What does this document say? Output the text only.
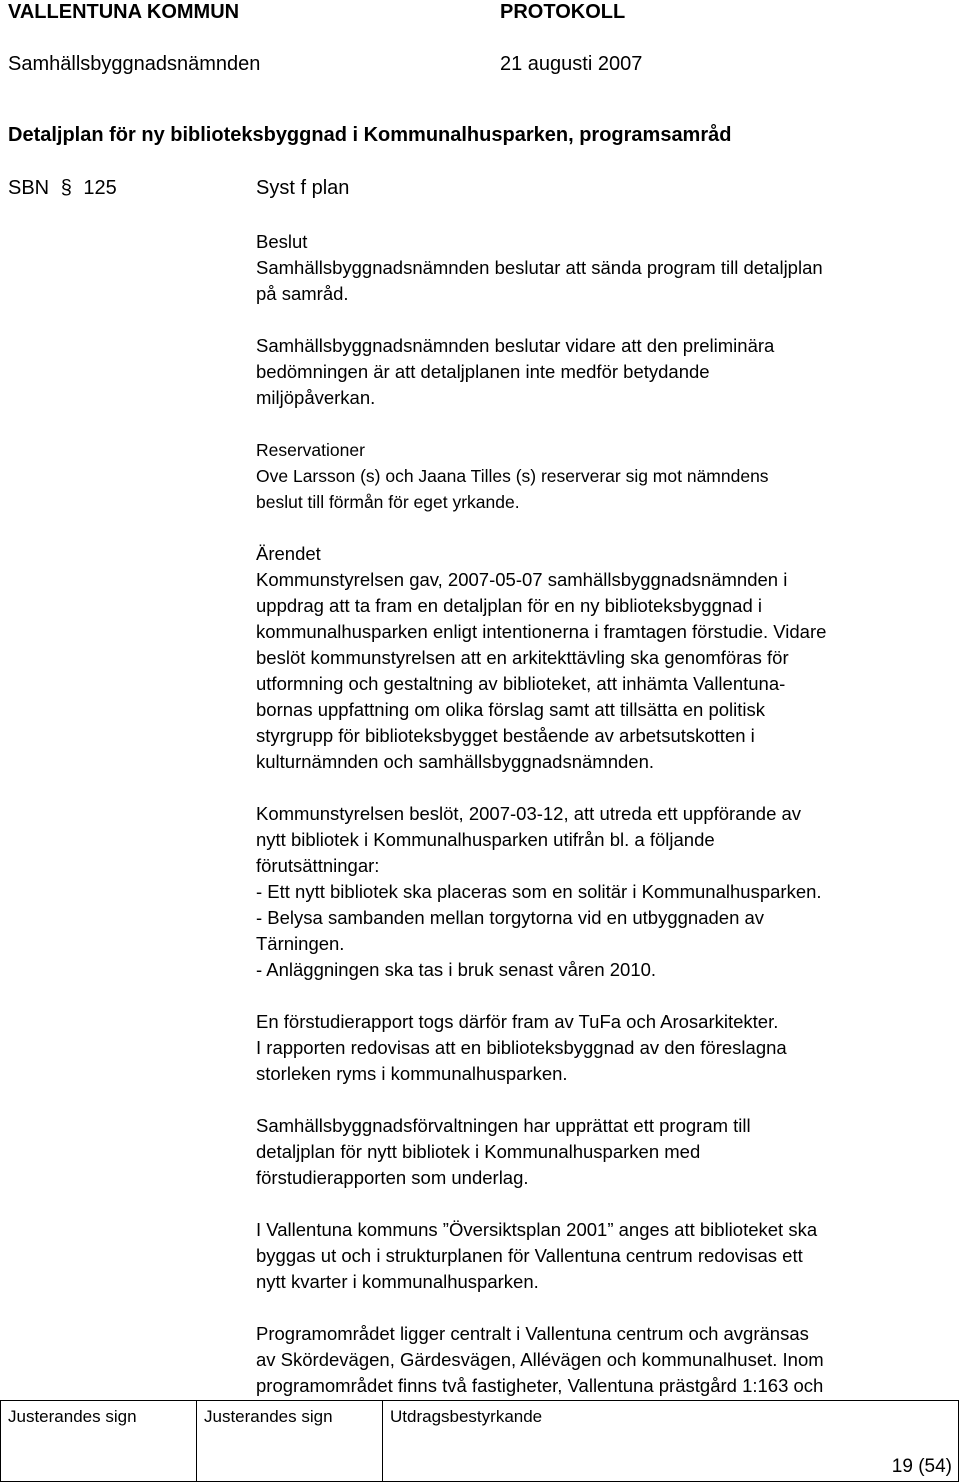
VALLENTUNA KOMMUN	PROTOKOLL
Samhällsbyggnadsnämnden	21 augusti 2007
Detaljplan för ny biblioteksbyggnad i Kommunalhusparken, programsamråd
SBN § 125	Syst f plan
Beslut
Samhällsbyggnadsnämnden beslutar att sända program till detaljplan
på samråd.
Samhällsbyggnadsnämnden beslutar vidare att den preliminära
bedömningen är att detaljplanen inte medför betydande
miljöpåverkan.
Reservationer
Ove Larsson (s) och Jaana Tilles (s) reserverar sig mot nämndens
beslut till förmån för eget yrkande.
Ärendet
Kommunstyrelsen gav, 2007-05-07 samhällsbyggnadsnämnden i
uppdrag att ta fram en detaljplan för en ny biblioteksbyggnad i
kommunalhusparken enligt intentionerna i framtagen förstudie. Vidare
beslöt kommunstyrelsen att en arkitekttävling ska genomföras för
utformning och gestaltning av biblioteket, att inhämta Vallentuna-
bornas uppfattning om olika förslag samt att tillsätta en politisk
styrgrupp för biblioteksbygget bestående av arbetsutskotten i
kulturnämnden och samhällsbyggnadsnämnden.
Kommunstyrelsen beslöt, 2007-03-12, att utreda ett uppförande av
nytt bibliotek i Kommunalhusparken utifrån bl. a följande
förutsättningar:
- Ett nytt bibliotek ska placeras som en solitär i Kommunalhusparken.
- Belysa sambanden mellan torgytorna vid en utbyggnaden av
Tärningen.
- Anläggningen ska tas i bruk senast våren 2010.
En förstudierapport togs därför fram av TuFa och Arosarkitekter.
I rapporten redovisas att en biblioteksbyggnad av den föreslagna
storleken ryms i kommunalhusparken.
Samhällsbyggnadsförvaltningen har upprättat ett program till
detaljplan för nytt bibliotek i Kommunalhusparken med
förstudierapporten som underlag.
I Vallentuna kommuns ”Översiktsplan 2001” anges att biblioteket ska
byggas ut och i strukturplanen för Vallentuna centrum redovisas ett
nytt kvarter i kommunalhusparken.
Programområdet ligger centralt i Vallentuna centrum och avgränsas
av Skördevägen, Gärdesvägen, Allévägen och kommunalhuset. Inom
programområdet finns två fastigheter, Vallentuna prästgård 1:163 och
Justerandes sign	Justerandes sign	Utdragsbestyrkande
19 (54)
